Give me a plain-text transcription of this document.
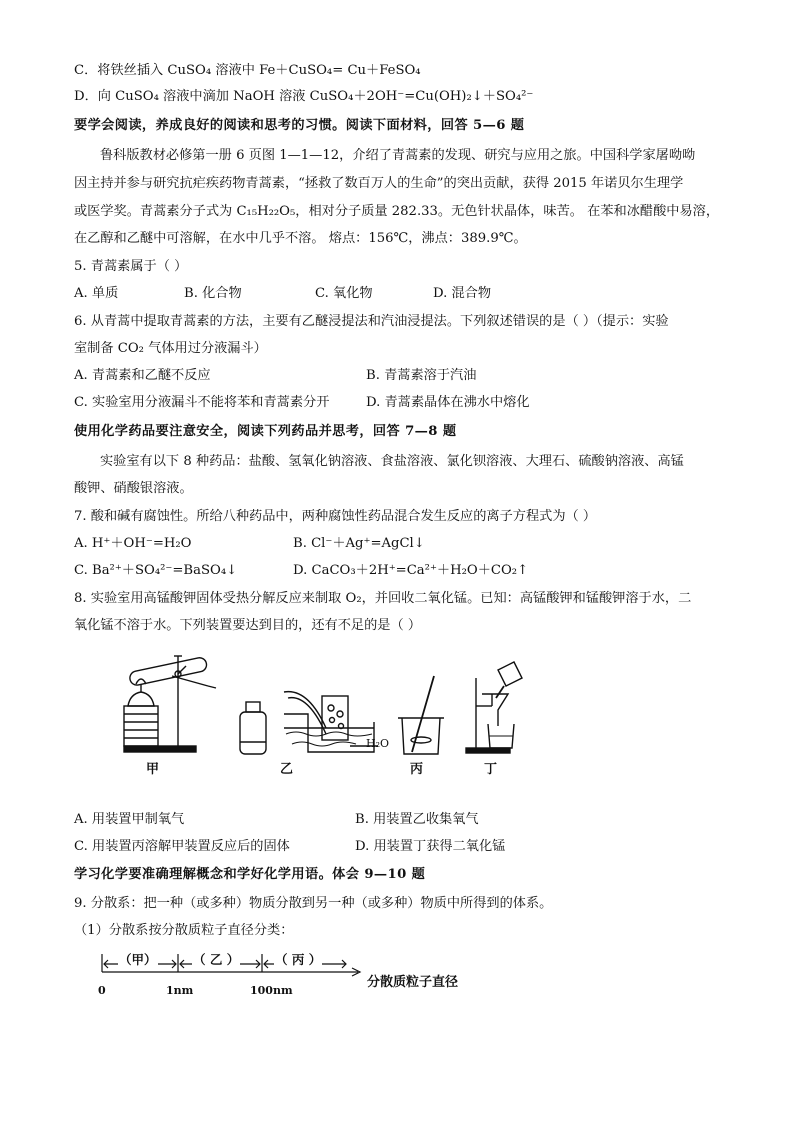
C．将铁丝插入 CuSO₄ 溶液中 Fe＋CuSO₄= Cu＋FeSO₄
D．向 CuSO₄ 溶液中滴加 NaOH 溶液 CuSO₄＋2OH⁻=Cu(OH)₂↓＋SO₄²⁻
要学会阅读，养成良好的阅读和思考的习惯。阅读下面材料，回答 5—6 题
鲁科版教材必修第一册 6 页图 1—1—12，介绍了青蒿素的发现、研究与应用之旅。中国科学家屠呦呦
因主持并参与研究抗疟疾药物青蒿素，“拯救了数百万人的生命”的突出贡献，获得 2015 年诺贝尔生理学
或医学奖。青蒿素分子式为 C₁₅H₂₂O₅，相对分子质量 282.33。无色针状晶体，味苦。 在苯和冰醋酸中易溶，
在乙醇和乙醚中可溶解，在水中几乎不溶。 熔点：156℃，沸点：389.9℃。
5. 青蒿素属于（ ）
A. 单质	B. 化合物	C. 氧化物	D. 混合物
6. 从青蒿中提取青蒿素的方法，主要有乙醚浸提法和汽油浸提法。下列叙述错误的是（ ）（提示：实验
室制备 CO₂ 气体用过分液漏斗）
A. 青蒿素和乙醚不反应	B. 青蒿素溶于汽油
C. 实验室用分液漏斗不能将苯和青蒿素分开	D. 青蒿素晶体在沸水中熔化
使用化学药品要注意安全，阅读下列药品并思考，回答 7—8 题
实验室有以下 8 种药品：盐酸、氢氧化钠溶液、食盐溶液、氯化钡溶液、大理石、硫酸钠溶液、高锰
酸钾、硝酸银溶液。
7. 酸和碱有腐蚀性。所给八种药品中，两种腐蚀性药品混合发生反应的离子方程式为（ ）
A. H⁺＋OH⁻=H₂O	B. Cl⁻＋Ag⁺=AgCl↓
C. Ba²⁺＋SO₄²⁻=BaSO₄↓	D. CaCO₃＋2H⁺=Ca²⁺＋H₂O＋CO₂↑
8. 实验室用高锰酸钾固体受热分解反应来制取 O₂，并回收二氧化锰。已知：高锰酸钾和锰酸钾溶于水，二
氧化锰不溶于水。下列装置要达到目的，还有不足的是（ ）
甲	乙	丙	丁
H₂O
A. 用装置甲制氧气	B. 用装置乙收集氧气
C. 用装置丙溶解甲装置反应后的固体	D. 用装置丁获得二氧化锰
学习化学要准确理解概念和学好化学用语。体会 9—10 题
9. 分散系：把一种（或多种）物质分散到另一种（或多种）物质中所得到的体系。
（1）分散系按分散质粒子直径分类：
（甲）	（ 乙 ）	（ 丙 ）
0	1nm	100nm
分散质粒子直径
